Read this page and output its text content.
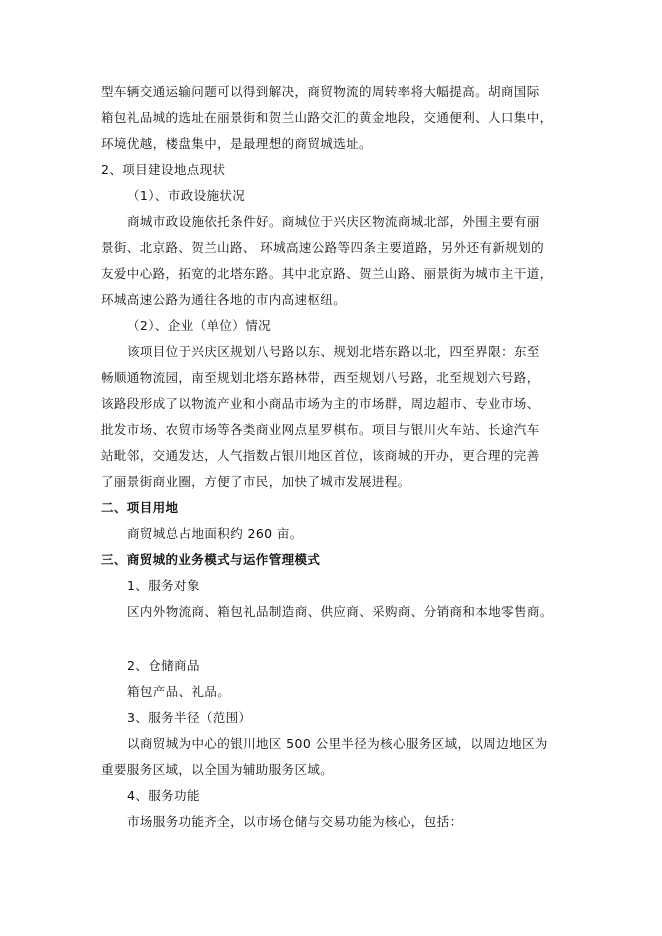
型车辆交通运输问题可以得到解决，商贸物流的周转率将大幅提高。胡商国际
箱包礼品城的选址在丽景街和贺兰山路交汇的黄金地段，交通便利、人口集中，
环境优越，楼盘集中，是最理想的商贸城选址。
2、项目建设地点现状
（1）、市政设施状况
商城市政设施依托条件好。商城位于兴庆区物流商城北部，外围主要有丽
景街、北京路、贺兰山路、 环城高速公路等四条主要道路，另外还有新规划的
友爱中心路，拓宽的北塔东路。其中北京路、贺兰山路、丽景街为城市主干道，
环城高速公路为通往各地的市内高速枢纽。
（2）、企业（单位）情况
该项目位于兴庆区规划八号路以东、规划北塔东路以北，四至界限：东至
畅顺通物流园，南至规划北塔东路林带，西至规划八号路，北至规划六号路，
该路段形成了以物流产业和小商品市场为主的市场群，周边超市、专业市场、
批发市场、农贸市场等各类商业网点星罗棋布。项目与银川火车站、长途汽车
站毗邻，交通发达，人气指数占银川地区首位，该商城的开办，更合理的完善
了丽景街商业圈，方便了市民，加快了城市发展进程。
二、项目用地
商贸城总占地面积约 260 亩。
三、商贸城的业务模式与运作管理模式
1、服务对象
区内外物流商、箱包礼品制造商、供应商、采购商、分销商和本地零售商。
2、仓储商品
箱包产品、礼品。
3、服务半径（范围）
以商贸城为中心的银川地区 500 公里半径为核心服务区域，以周边地区为
重要服务区域，以全国为辅助服务区域。
4、服务功能
市场服务功能齐全，以市场仓储与交易功能为核心，包括：
